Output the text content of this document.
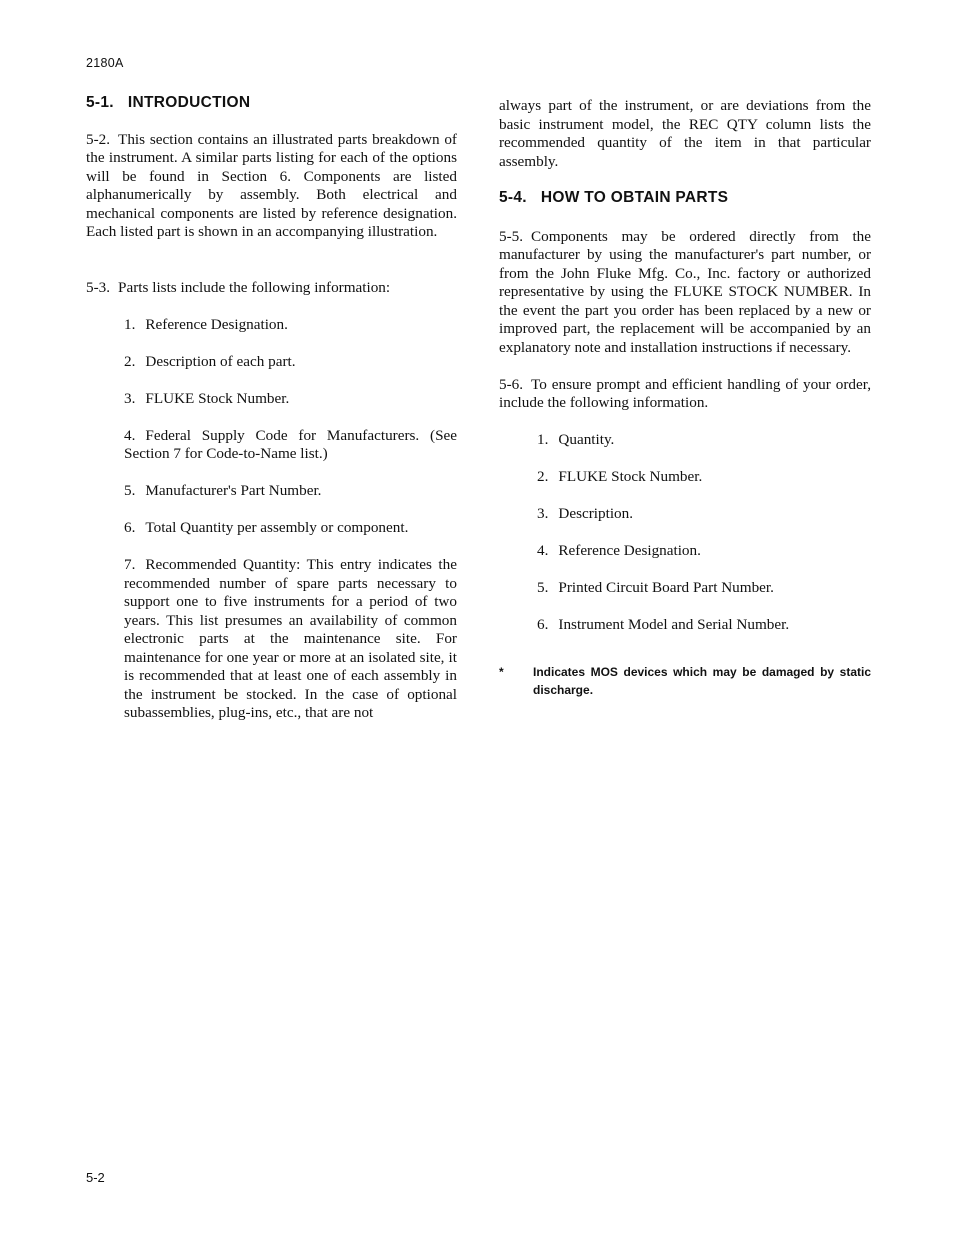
2180A
5-1. INTRODUCTION

5-2. This section contains an illustrated parts breakdown of the instrument. A similar parts listing for each of the options will be found in Section 6. Components are listed alphanumerically by assembly. Both electrical and mechanical components are listed by reference designation. Each listed part is shown in an accompanying illustration.

5-3. Parts lists include the following information:

1. Reference Designation.
2. Description of each part.
3. FLUKE Stock Number.
4. Federal Supply Code for Manufacturers. (See Section 7 for Code-to-Name list.)
5. Manufacturer's Part Number.
6. Total Quantity per assembly or component.
7. Recommended Quantity: This entry indicates the recommended number of spare parts necessary to support one to five instruments for a period of two years. This list presumes an availability of common electronic parts at the maintenance site. For maintenance for one year or more at an isolated site, it is recommended that at least one of each assembly in the instrument be stocked. In the case of optional subassemblies, plug-ins, etc., that are not

always part of the instrument, or are deviations from the basic instrument model, the REC QTY column lists the recommended quantity of the item in that particular assembly.

5-4. HOW TO OBTAIN PARTS

5-5. Components may be ordered directly from the manufacturer by using the manufacturer's part number, or from the John Fluke Mfg. Co., Inc. factory or authorized representative by using the FLUKE STOCK NUMBER. In the event the part you order has been replaced by a new or improved part, the replacement will be accompanied by an explanatory note and installation instructions if necessary.

5-6. To ensure prompt and efficient handling of your order, include the following information.

1. Quantity.
2. FLUKE Stock Number.
3. Description.
4. Reference Designation.
5. Printed Circuit Board Part Number.
6. Instrument Model and Serial Number.
* Indicates MOS devices which may be damaged by static discharge.
5-2
